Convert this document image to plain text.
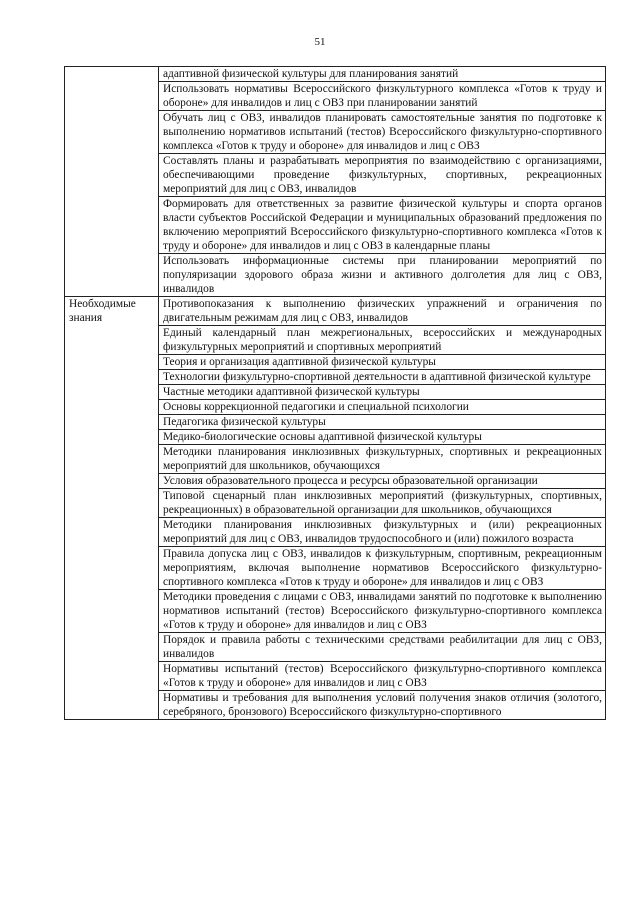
51
	адаптивной физической культуры для планирования занятий
	Использовать нормативы Всероссийского физкультурного комплекса «Готов к труду и обороне» для инвалидов и лиц с ОВЗ при планировании занятий
	Обучать лиц с ОВЗ, инвалидов планировать самостоятельные занятия по подготовке к выполнению нормативов испытаний (тестов) Всероссийского физкультурно-спортивного комплекса «Готов к труду и обороне» для инвалидов и лиц с ОВЗ
	Составлять планы и разрабатывать мероприятия по взаимодействию с организациями, обеспечивающими проведение физкультурных, спортивных, рекреационных мероприятий для лиц с ОВЗ, инвалидов
	Формировать для ответственных за развитие физической культуры и спорта органов власти субъектов Российской Федерации и муниципальных образований предложения по включению мероприятий Всероссийского физкультурно-спортивного комплекса «Готов к труду и обороне» для инвалидов и лиц с ОВЗ в календарные планы
	Использовать информационные системы при планировании мероприятий по популяризации здорового образа жизни и активного долголетия для лиц с ОВЗ, инвалидов
Необходимые знания	Противопоказания к выполнению физических упражнений и ограничения по двигательным режимам для лиц с ОВЗ, инвалидов
	Единый календарный план межрегиональных, всероссийских и международных физкультурных мероприятий и спортивных мероприятий
	Теория и организация адаптивной физической культуры
	Технологии физкультурно-спортивной деятельности в адаптивной физической культуре
	Частные методики адаптивной физической культуры
	Основы коррекционной педагогики и специальной психологии
	Педагогика физической культуры
	Медико-биологические основы адаптивной физической культуры
	Методики планирования инклюзивных физкультурных, спортивных и рекреационных мероприятий для школьников, обучающихся
	Условия образовательного процесса и ресурсы образовательной организации
	Типовой сценарный план инклюзивных мероприятий (физкультурных, спортивных, рекреационных) в образовательной организации для школьников, обучающихся
	Методики планирования инклюзивных физкультурных и (или) рекреационных мероприятий для лиц с ОВЗ, инвалидов трудоспособного и (или) пожилого возраста
	Правила допуска лиц с ОВЗ, инвалидов к физкультурным, спортивным, рекреационным мероприятиям, включая выполнение нормативов Всероссийского физкультурно-спортивного комплекса «Готов к труду и обороне» для инвалидов и лиц с ОВЗ
	Методики проведения с лицами с ОВЗ, инвалидами занятий по подготовке к выполнению нормативов испытаний (тестов) Всероссийского физкультурно-спортивного комплекса «Готов к труду и обороне» для инвалидов и лиц с ОВЗ
	Порядок и правила работы с техническими средствами реабилитации для лиц с ОВЗ, инвалидов
	Нормативы испытаний (тестов) Всероссийского физкультурно-спортивного комплекса «Готов к труду и обороне» для инвалидов и лиц с ОВЗ
	Нормативы и требования для выполнения условий получения знаков отличия (золотого, серебряного, бронзового) Всероссийского физкультурно-спортивного
